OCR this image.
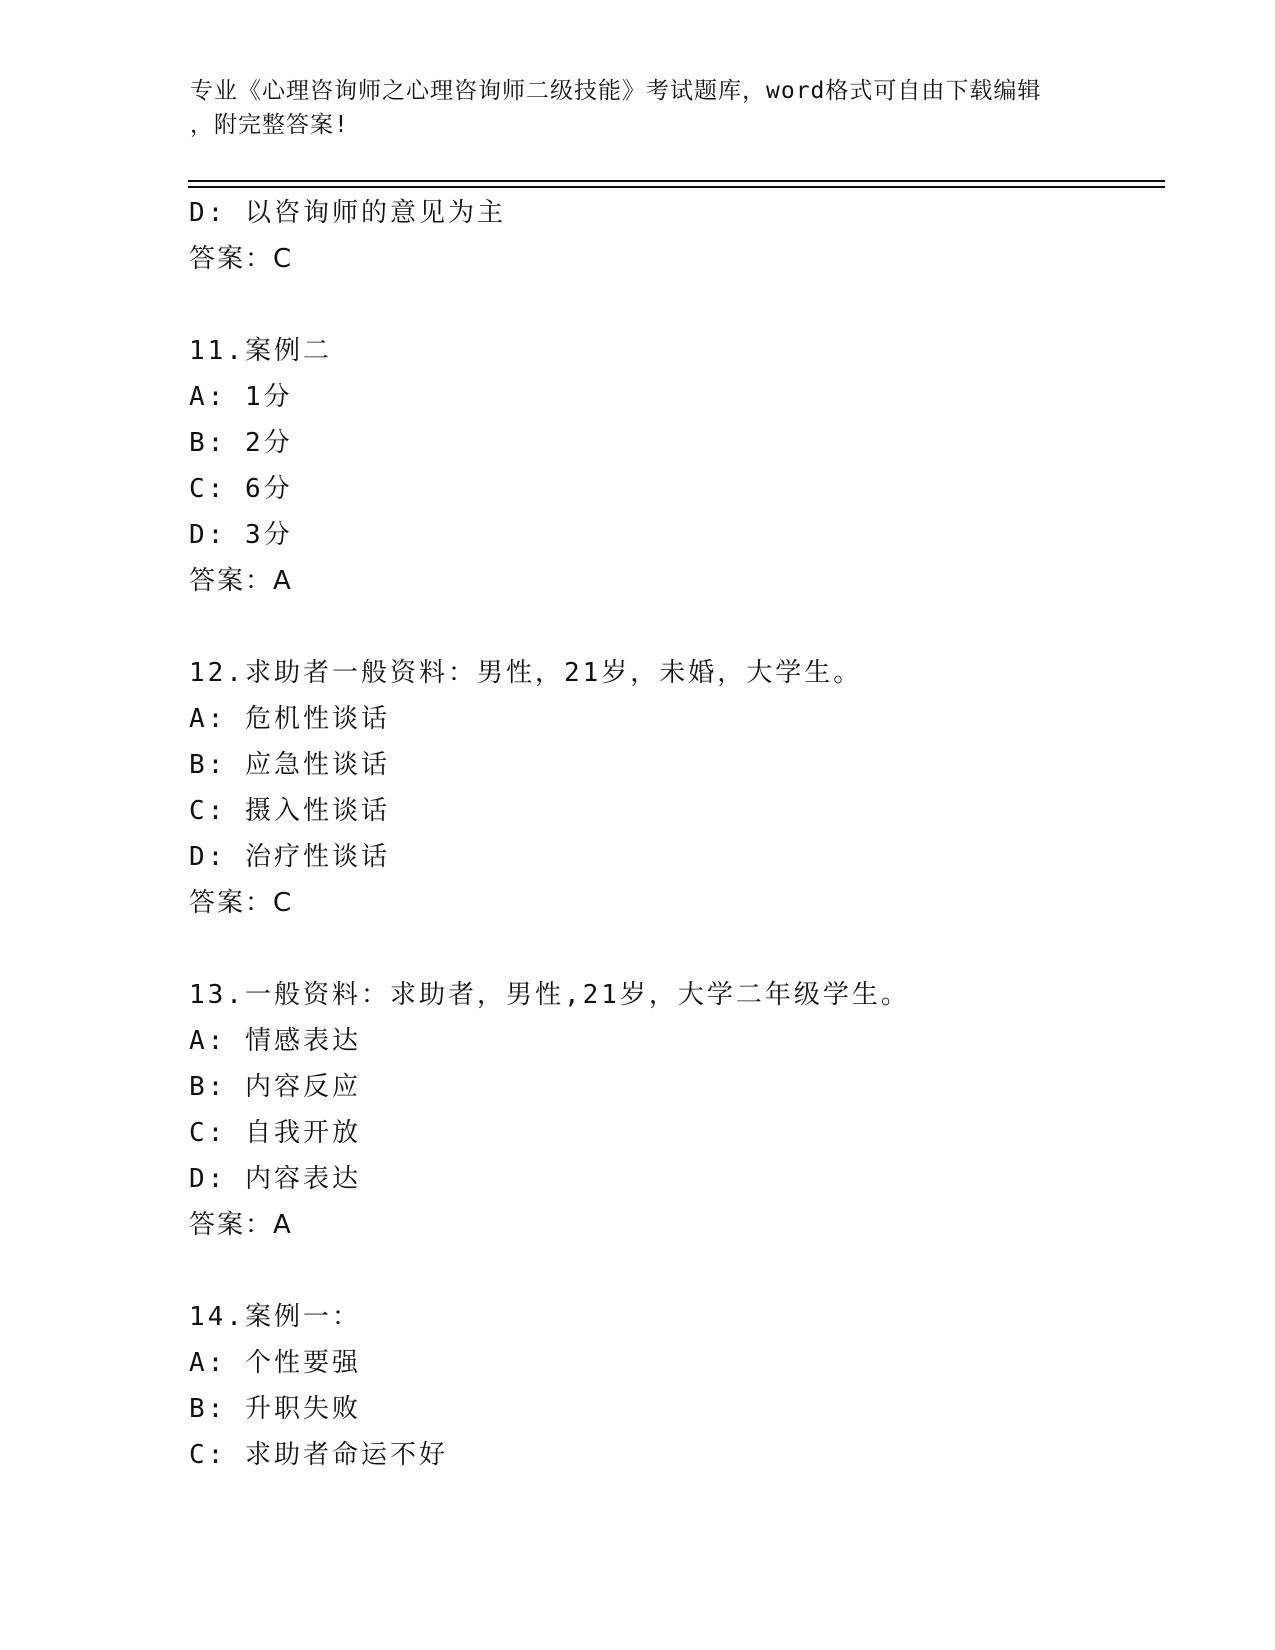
专业《心理咨询师之心理咨询师二级技能》考试题库，word格式可自由下载编辑
，附完整答案!
D: 以咨询师的意见为主
答案：C
11.案例二
A: 1分
B: 2分
C: 6分
D: 3分
答案：A
12.求助者一般资料：男性，21岁，未婚，大学生。
A: 危机性谈话
B: 应急性谈话
C: 摄入性谈话
D: 治疗性谈话
答案：C
13.一般资料：求助者，男性,21岁，大学二年级学生。
A: 情感表达
B: 内容反应
C: 自我开放
D: 内容表达
答案：A
14.案例一：
A: 个性要强
B: 升职失败
C: 求助者命运不好
